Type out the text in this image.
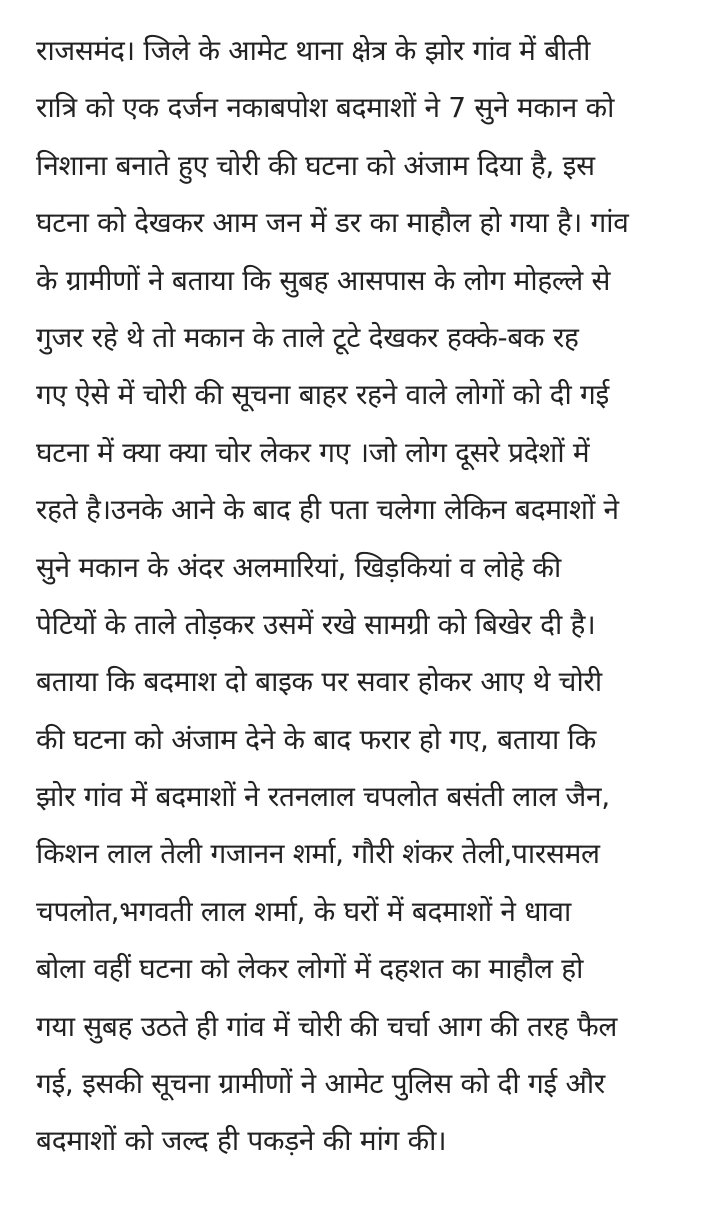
राजसमंद। जिले के आमेट थाना क्षेत्र के झोर गांव में बीती
रात्रि को एक दर्जन नकाबपोश बदमाशों ने 7 सुने मकान को
निशाना बनाते हुए चोरी की घटना को अंजाम दिया है, इस
घटना को देखकर आम जन में डर का माहौल हो गया है। गांव
के ग्रामीणों ने बताया कि सुबह आसपास के लोग मोहल्ले से
गुजर रहे थे तो मकान के ताले टूटे देखकर हक्के-बक रह
गए ऐसे में चोरी की सूचना बाहर रहने वाले लोगों को दी गई
घटना में क्या क्या चोर लेकर गए ।जो लोग दूसरे प्रदेशों में
रहते है।उनके आने के बाद ही पता चलेगा लेकिन बदमाशों ने
सुने मकान के अंदर अलमारियां, खिड़कियां व लोहे की
पेटियों के ताले तोड़कर उसमें रखे सामग्री को बिखेर दी है।
बताया कि बदमाश दो बाइक पर सवार होकर आए थे चोरी
की घटना को अंजाम देने के बाद फरार हो गए, बताया कि
झोर गांव में बदमाशों ने रतनलाल चपलोत बसंती लाल जैन,
किशन लाल तेली गजानन शर्मा, गौरी शंकर तेली,पारसमल
चपलोत,भगवती लाल शर्मा, के घरों में बदमाशों ने धावा
बोला वहीं घटना को लेकर लोगों में दहशत का माहौल हो
गया सुबह उठते ही गांव में चोरी की चर्चा आग की तरह फैल
गई, इसकी सूचना ग्रामीणों ने आमेट पुलिस को दी गई और
बदमाशों को जल्द ही पकड़ने की मांग की।
